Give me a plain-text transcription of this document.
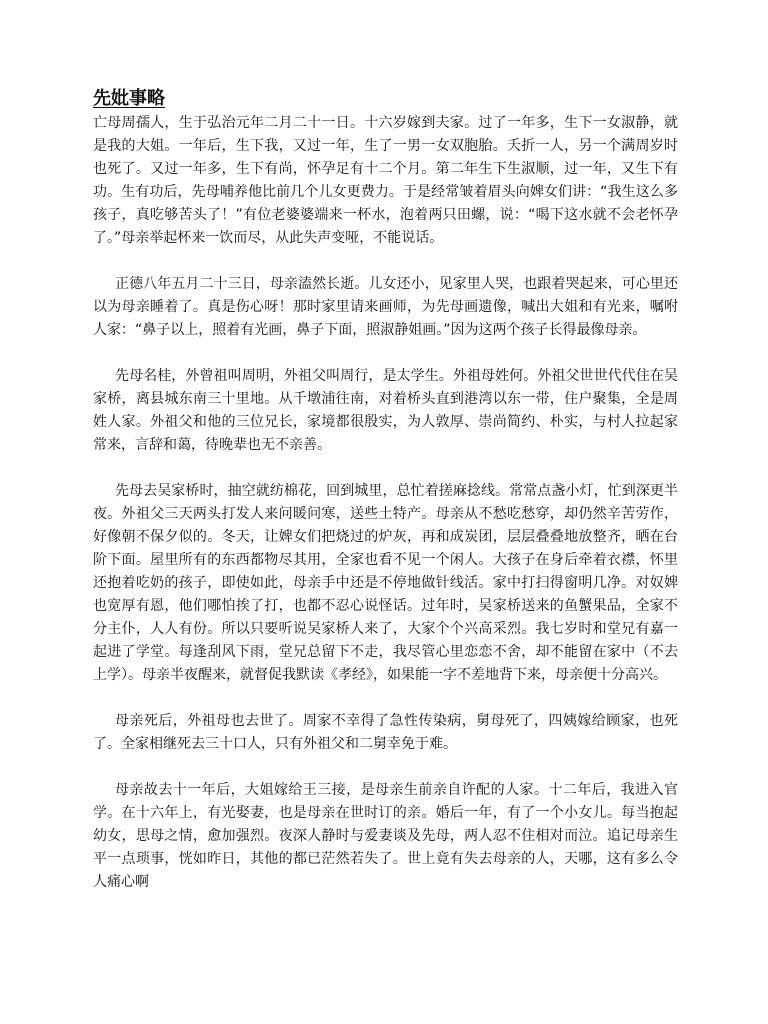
先妣事略

亡母周孺人，生于弘治元年二月二十一日。十六岁嫁到夫家。过了一年多，生下一女淑静，就是我的大姐。一年后，生下我，又过一年，生了一男一女双胞胎。夭折一人，另一个满周岁时也死了。又过一年多，生下有尚，怀孕足有十二个月。第二年生下生淑顺，过一年，又生下有功。生有功后，先母哺养他比前几个儿女更费力。于是经常皱着眉头向婢女们讲：“我生这么多孩子，真吃够苦头了！”有位老婆婆端来一杯水，泡着两只田螺，说：“喝下这水就不会老怀孕了。”母亲举起杯来一饮而尽，从此失声变哑，不能说话。

正德八年五月二十三日，母亲溘然长逝。儿女还小，见家里人哭，也跟着哭起来，可心里还以为母亲睡着了。真是伤心呀！那时家里请来画师，为先母画遗像，喊出大姐和有光来，嘱咐人家：“鼻子以上，照着有光画，鼻子下面，照淑静姐画。”因为这两个孩子长得最像母亲。

先母名桂，外曾祖叫周明，外祖父叫周行，是太学生。外祖母姓何。外祖父世世代代住在吴家桥，离县城东南三十里地。从千墩浦往南，对着桥头直到港湾以东一带，住户聚集，全是周姓人家。外祖父和他的三位兄长，家境都很殷实，为人敦厚、崇尚简约、朴实，与村人拉起家常来，言辞和蔼，待晚辈也无不亲善。

先母去吴家桥时，抽空就纺棉花，回到城里，总忙着搓麻捻线。常常点盏小灯，忙到深更半夜。外祖父三天两头打发人来问暖问寒，送些土特产。母亲从不愁吃愁穿，却仍然辛苦劳作，好像朝不保夕似的。冬天，让婢女们把烧过的炉灰，再和成炭团，层层叠叠地放整齐，晒在台阶下面。屋里所有的东西都物尽其用，全家也看不见一个闲人。大孩子在身后牵着衣襟，怀里还抱着吃奶的孩子，即使如此，母亲手中还是不停地做针线活。家中打扫得窗明几净。对奴婢也宽厚有恩，他们哪怕挨了打，也都不忍心说怪话。过年时，吴家桥送来的鱼蟹果品，全家不分主仆，人人有份。所以只要听说吴家桥人来了，大家个个兴高采烈。我七岁时和堂兄有嘉一起进了学堂。每逢刮风下雨，堂兄总留下不走，我尽管心里恋恋不舍，却不能留在家中（不去上学）。母亲半夜醒来，就督促我默读《孝经》，如果能一字不差地背下来，母亲便十分高兴。

母亲死后，外祖母也去世了。周家不幸得了急性传染病，舅母死了，四姨嫁给顾家，也死了。全家相继死去三十口人，只有外祖父和二舅幸免于难。

母亲故去十一年后，大姐嫁给王三接，是母亲生前亲自许配的人家。十二年后，我进入官学。在十六年上，有光娶妻，也是母亲在世时订的亲。婚后一年，有了一个小女儿。每当抱起幼女，思母之情，愈加强烈。夜深人静时与爱妻谈及先母，两人忍不住相对而泣。追记母亲生平一点琐事，恍如昨日，其他的都已茫然若失了。世上竟有失去母亲的人，天哪，这有多么令人痛心啊
